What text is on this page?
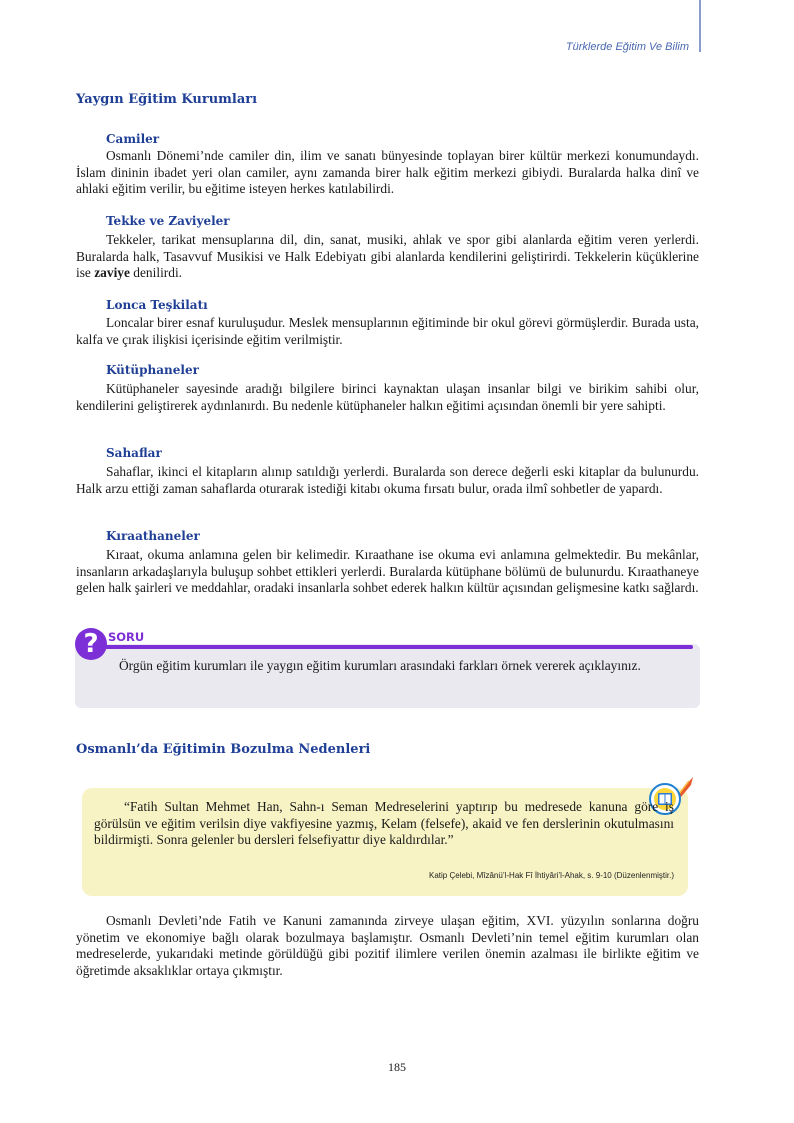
Türklerde Eğitim Ve Bilim
Yaygın Eğitim Kurumları
Camiler

Osmanlı Dönemi’nde camiler din, ilim ve sanatı bünyesinde toplayan birer kültür merkezi konumundaydı. İslam dininin ibadet yeri olan camiler, aynı zamanda birer halk eğitim merkezi gibiydi. Buralarda halka dinî ve ahlaki eğitim verilir, bu eğitime isteyen herkes katılabilirdi.

Tekke ve Zaviyeler

Tekkeler, tarikat mensuplarına dil, din, sanat, musiki, ahlak ve spor gibi alanlarda eğitim veren yerlerdi. Buralarda halk, Tasavvuf Musikisi ve Halk Edebiyatı gibi alanlarda kendilerini geliştirirdi. Tekkelerin küçüklerine ise zaviye denilirdi.

Lonca Teşkilatı

Loncalar birer esnaf kuruluşudur. Meslek mensuplarının eğitiminde bir okul görevi görmüşlerdir. Burada usta, kalfa ve çırak ilişkisi içerisinde eğitim verilmiştir.

Kütüphaneler

Kütüphaneler sayesinde aradığı bilgilere birinci kaynaktan ulaşan insanlar bilgi ve birikim sahibi olur, kendilerini geliştirerek aydınlanırdı. Bu nedenle kütüphaneler halkın eğitimi açısından önemli bir yere sahipti.

Sahaflar

Sahaflar, ikinci el kitapların alınıp satıldığı yerlerdi. Buralarda son derece değerli eski kitaplar da bulunurdu. Halk arzu ettiği zaman sahaflarda oturarak istediği kitabı okuma fırsatı bulur, orada ilmî sohbetler de yapardı.

Kıraathaneler

Kıraat, okuma anlamına gelen bir kelimedir. Kıraathane ise okuma evi anlamına gelmektedir. Bu mekânlar, insanların arkadaşlarıyla buluşup sohbet ettikleri yerlerdi. Buralarda kütüphane bölümü de bulunurdu. Kıraathaneye gelen halk şairleri ve meddahlar, oradaki insanlarla sohbet ederek halkın kültür açısından gelişmesine katkı sağlardı.

? SORU

Örgün eğitim kurumları ile yaygın eğitim kurumları arasındaki farkları örnek vererek açıklayınız.

Osmanlı’da Eğitimin Bozulma Nedenleri

“Fatih Sultan Mehmet Han, Sahn-ı Seman Medreselerini yaptırıp bu medresede kanuna göre iş görülsün ve eğitim verilsin diye vakfiyesine yazmış, Kelam (felsefe), akaid ve fen derslerinin okutulmasını bildirmişti. Sonra gelenler bu dersleri felsefiyattır diye kaldırdılar.”

Katip Çelebi, Mîzânü’l-Hak Fî İhtiyâri’l-Ahak, s. 9-10 (Düzenlenmiştir.)

Osmanlı Devleti’nde Fatih ve Kanuni zamanında zirveye ulaşan eğitim, XVI. yüzyılın sonlarına doğru yönetim ve ekonomiye bağlı olarak bozulmaya başlamıştır. Osmanlı Devleti’nin temel eğitim kurumları olan medreselerde, yukarıdaki metinde görüldüğü gibi pozitif ilimlere verilen önemin azalması ile birlikte eğitim ve öğretimde aksaklıklar ortaya çıkmıştır.

185
